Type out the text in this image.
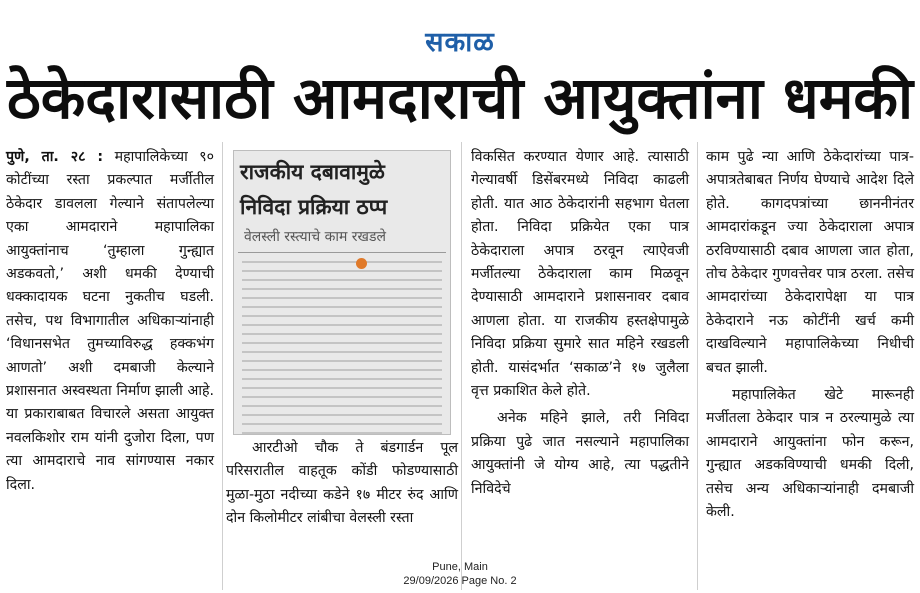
सकाळ
ठेकेदारासाठी आमदाराची आयुक्तांना धमकी

पुणे, ता. २८ : महापालिकेच्या ९० कोटींच्या रस्ता प्रकल्पात मर्जीतील ठेकेदार डावलला गेल्याने संतापलेल्या एका आमदाराने महापालिका आयुक्तांनाच ‘तुम्हाला गुन्ह्यात अडकवतो,’ अशी धमकी देण्याची धक्कादायक घटना नुकतीच घडली. तसेच, पथ विभागातील अधिकाऱ्यांनाही ‘विधानसभेत तुमच्याविरुद्ध हक्कभंग आणतो’ अशी दमबाजी केल्याने प्रशासनात अस्वस्थता निर्माण झाली आहे. या प्रकाराबाबत विचारले असता आयुक्त नवलकिशोर राम यांनी दुजोरा दिला, पण त्या आमदाराचे नाव सांगण्यास नकार दिला.

राजकीय दबावामुळे
निविदा प्रक्रिया ठप्प
वेलस्ली रस्त्याचे काम रखडले

आरटीओ चौक ते बंडगार्डन पूल परिसरातील वाहतूक कोंडी फोडण्यासाठी मुळा-मुठा नदीच्या कडेने १७ मीटर रुंद आणि दोन किलोमीटर लांबीचा वेलस्ली रस्ता

विकसित करण्यात येणार आहे. त्यासाठी गेल्यावर्षी डिसेंबरमध्ये निविदा काढली होती. यात आठ ठेकेदारांनी सहभाग घेतला होता. निविदा प्रक्रियेत एका पात्र ठेकेदाराला अपात्र ठरवून त्याऐवजी मर्जीतल्या ठेकेदाराला काम मिळवून देण्यासाठी आमदाराने प्रशासनावर दबाव आणला होता. या राजकीय हस्तक्षेपामुळे निविदा प्रक्रिया सुमारे सात महिने रखडली होती. यासंदर्भात ‘सकाळ’ने १७ जुलैला वृत्त प्रकाशित केले होते.

अनेक महिने झाले, तरी निविदा प्रक्रिया पुढे जात नसल्याने महापालिका आयुक्तांनी जे योग्य आहे, त्या पद्धतीने निविदेचे

काम पुढे न्या आणि ठेकेदारांच्या पात्र-अपात्रतेबाबत निर्णय घेण्याचे आदेश दिले होते. कागदपत्रांच्या छाननीनंतर आमदारांकडून ज्या ठेकेदाराला अपात्र ठरविण्यासाठी दबाव आणला जात होता, तोच ठेकेदार गुणवत्तेवर पात्र ठरला. तसेच आमदारांच्या ठेकेदारापेक्षा या पात्र ठेकेदाराने नऊ कोटींनी खर्च कमी दाखविल्याने महापालिकेच्या निधीची बचत झाली.

महापालिकेत खेटे मारूनही मर्जीतला ठेकेदार पात्र न ठरल्यामुळे त्या आमदाराने आयुक्तांना फोन करून, गुन्ह्यात अडकविण्याची धमकी दिली, तसेच अन्य अधिकाऱ्यांनाही दमबाजी केली.

Pune, Main
29/09/2026 Page No. 2
